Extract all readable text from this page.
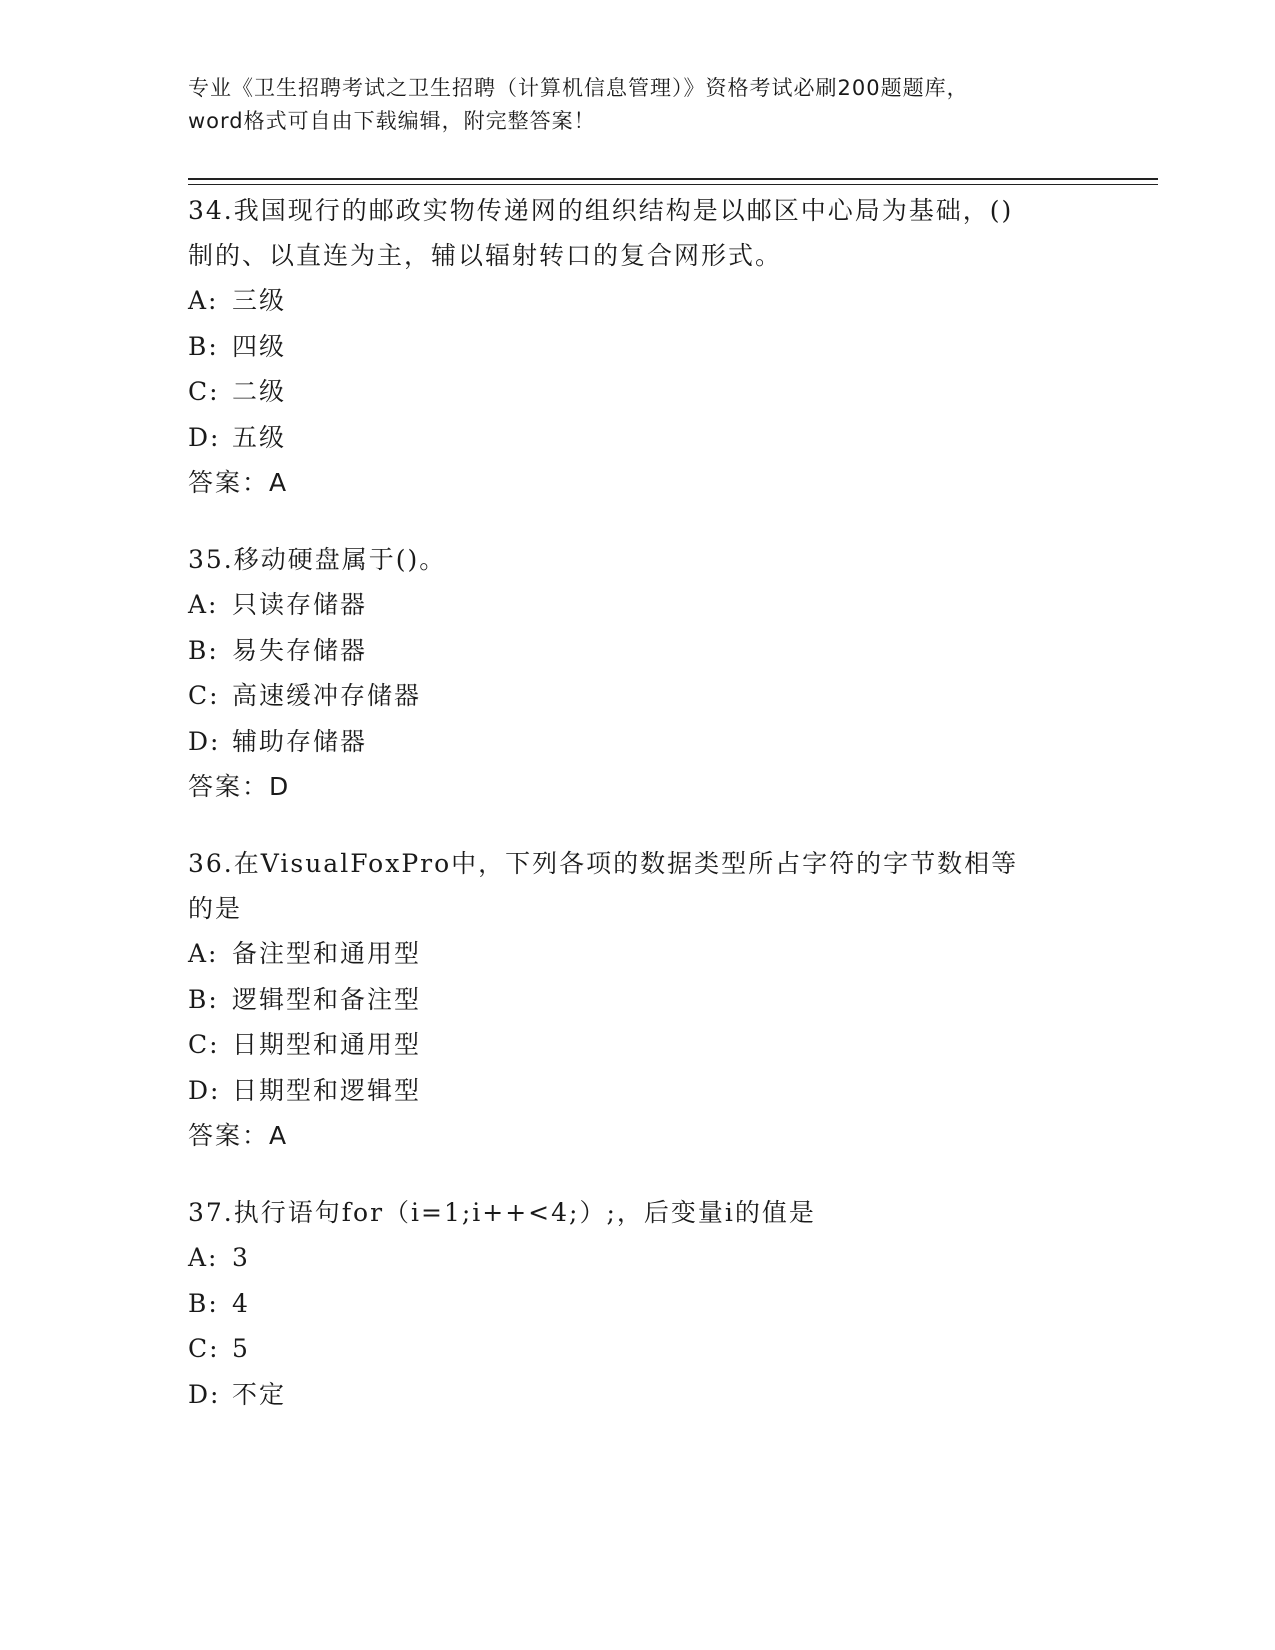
专业《卫生招聘考试之卫生招聘（计算机信息管理）》资格考试必刷200题题库，
word格式可自由下载编辑，附完整答案！
34.我国现行的邮政实物传递网的组织结构是以邮区中心局为基础，()
制的、以直连为主，辅以辐射转口的复合网形式。
A: 三级
B: 四级
C: 二级
D: 五级
答案：A
35.移动硬盘属于()。
A: 只读存储器
B: 易失存储器
C: 高速缓冲存储器
D: 辅助存储器
答案：D
36.在VisualFoxPro中，下列各项的数据类型所占字符的字节数相等
的是
A: 备注型和通用型
B: 逻辑型和备注型
C: 日期型和通用型
D: 日期型和逻辑型
答案：A
37.执行语句for（i=1;i++<4;）;，后变量i的值是
A: 3
B: 4
C: 5
D: 不定
